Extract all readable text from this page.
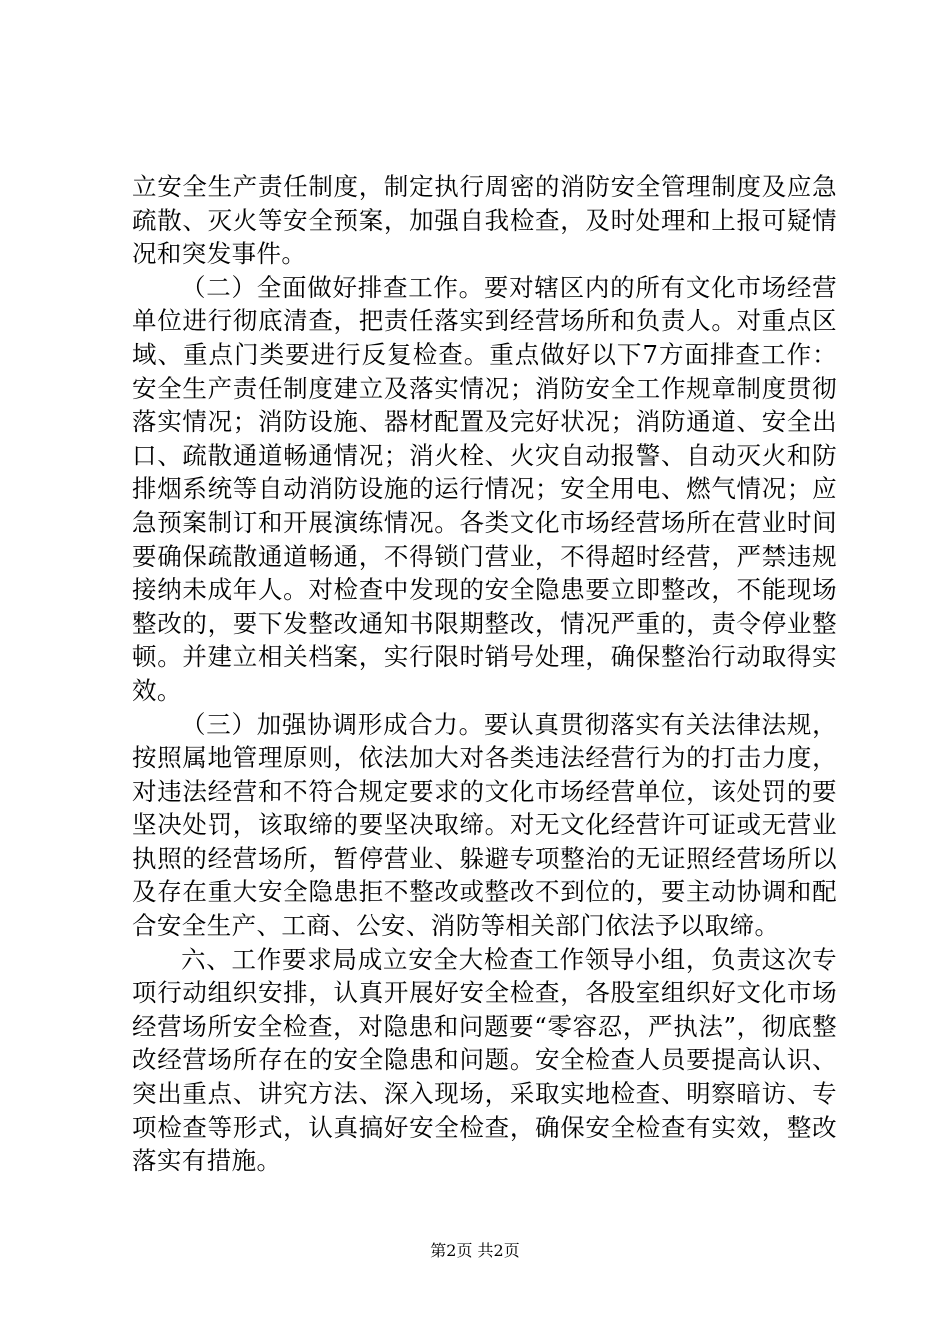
立安全生产责任制度，制定执行周密的消防安全管理制度及应急疏散、灭火等安全预案，加强自我检查，及时处理和上报可疑情况和突发事件。

（二）全面做好排查工作。要对辖区内的所有文化市场经营单位进行彻底清查，把责任落实到经营场所和负责人。对重点区域、重点门类要进行反复检查。重点做好以下7方面排查工作：安全生产责任制度建立及落实情况；消防安全工作规章制度贯彻落实情况；消防设施、器材配置及完好状况；消防通道、安全出口、疏散通道畅通情况；消火栓、火灾自动报警、自动灭火和防排烟系统等自动消防设施的运行情况；安全用电、燃气情况；应急预案制订和开展演练情况。各类文化市场经营场所在营业时间要确保疏散通道畅通，不得锁门营业，不得超时经营，严禁违规接纳未成年人。对检查中发现的安全隐患要立即整改，不能现场整改的，要下发整改通知书限期整改，情况严重的，责令停业整顿。并建立相关档案，实行限时销号处理，确保整治行动取得实效。

（三）加强协调形成合力。要认真贯彻落实有关法律法规，按照属地管理原则，依法加大对各类违法经营行为的打击力度，对违法经营和不符合规定要求的文化市场经营单位，该处罚的要坚决处罚，该取缔的要坚决取缔。对无文化经营许可证或无营业执照的经营场所，暂停营业、躲避专项整治的无证照经营场所以及存在重大安全隐患拒不整改或整改不到位的，要主动协调和配合安全生产、工商、公安、消防等相关部门依法予以取缔。

六、工作要求局成立安全大检查工作领导小组，负责这次专项行动组织安排，认真开展好安全检查，各股室组织好文化市场经营场所安全检查，对隐患和问题要“零容忍，严执法”，彻底整改经营场所存在的安全隐患和问题。安全检查人员要提高认识、突出重点、讲究方法、深入现场，采取实地检查、明察暗访、专项检查等形式，认真搞好安全检查，确保安全检查有实效，整改落实有措施。

第2页 共2页
